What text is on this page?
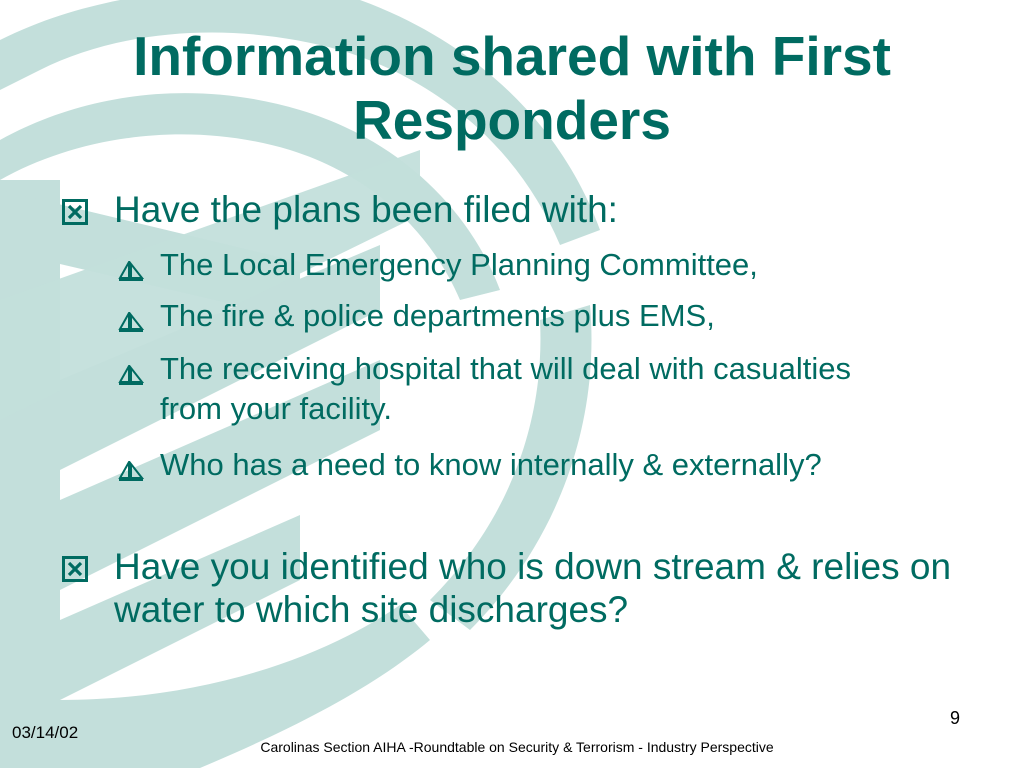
Information shared with First Responders
Have the plans been filed with:
The Local Emergency Planning Committee,
The fire & police departments plus EMS,
The receiving hospital that will deal with casualties from your facility.
Who has a need to know internally & externally?
Have you identified who is down stream & relies on water to which site discharges?
03/14/02
Carolinas Section AIHA -Roundtable on Security & Terrorism - Industry Perspective
9
